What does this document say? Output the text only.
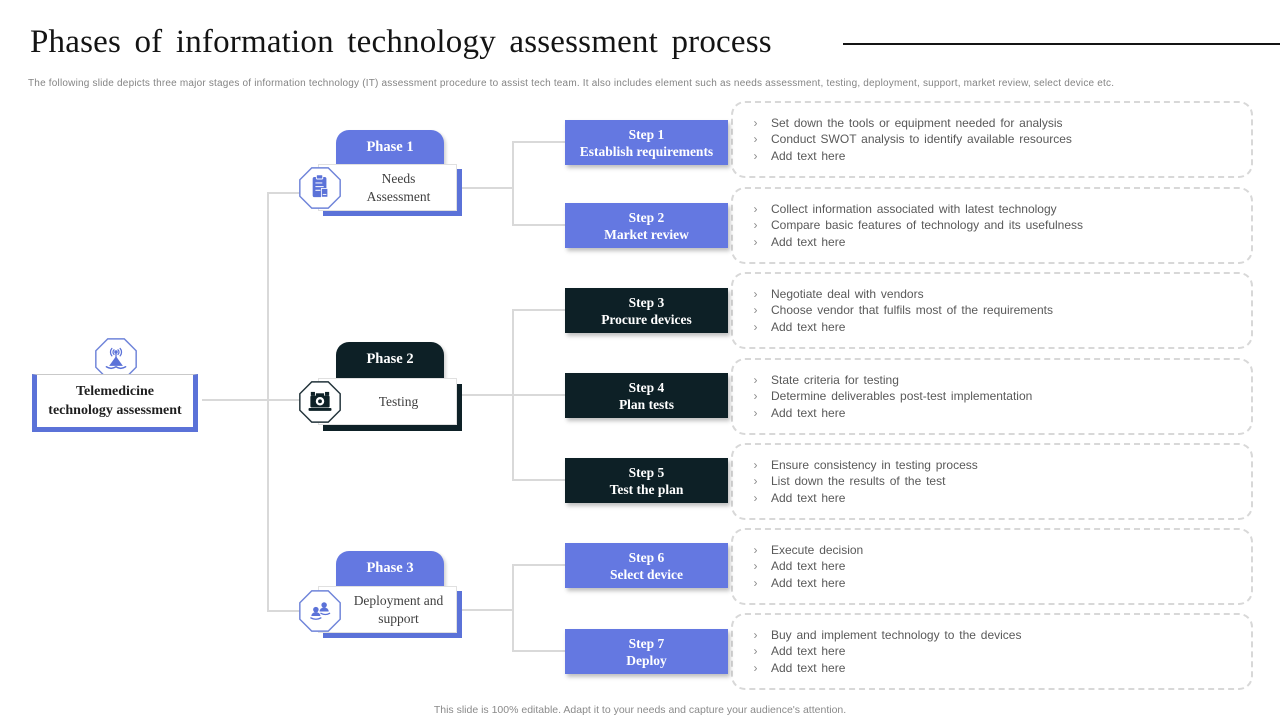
Phases of information technology assessment process
The following slide depicts three major stages of information technology (IT) assessment procedure to assist tech team. It also includes element such as needs assessment, testing, deployment, support, market review, select device etc.
This slide is 100% editable. Adapt it to your needs and capture your audience's attention.
Telemedicine
technology assessment
Phase 1
Needs Assessment
Phase 2
Testing
Phase 3
Deployment and support
Step 1
Establish requirements
Step 2
Market review
Step 3
Procure devices
Step 4
Plan tests
Step 5
Test the plan
Step 6
Select device
Step 7
Deploy
›	Set down the tools or equipment needed for analysis
›	Conduct SWOT analysis to identify available resources
›	Add text here
›	Collect information associated with latest technology
›	Compare basic features of technology and its usefulness
›	Add text here
›	Negotiate deal with vendors
›	Choose vendor that fulfils most of the requirements
›	Add text here
›	State criteria for testing
›	Determine deliverables post-test implementation
›	Add text here
›	Ensure consistency in testing process
›	List down the results of the test
›	Add text here
›	Execute decision
›	Add text here
›	Add text here
›	Buy and implement technology to the devices
›	Add text here
›	Add text here
